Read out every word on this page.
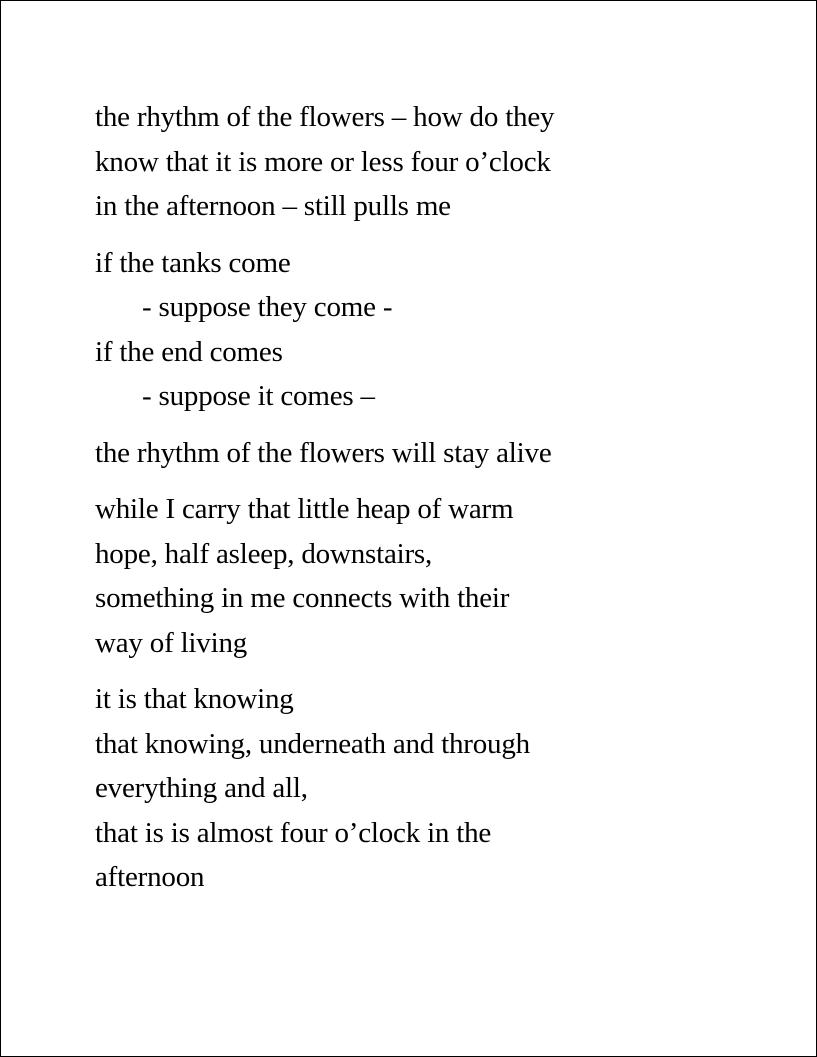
the rhythm of the flowers – how do they
know that it is more or less four o’clock
in the afternoon – still pulls me
if the tanks come
- suppose they come -
if the end comes
- suppose it comes –
the rhythm of the flowers will stay alive
while I carry that little heap of warm
hope, half asleep, downstairs,
something in me connects with their
way of living
it is that knowing
that knowing, underneath and through
everything and all,
that is is almost four o’clock in the
afternoon
